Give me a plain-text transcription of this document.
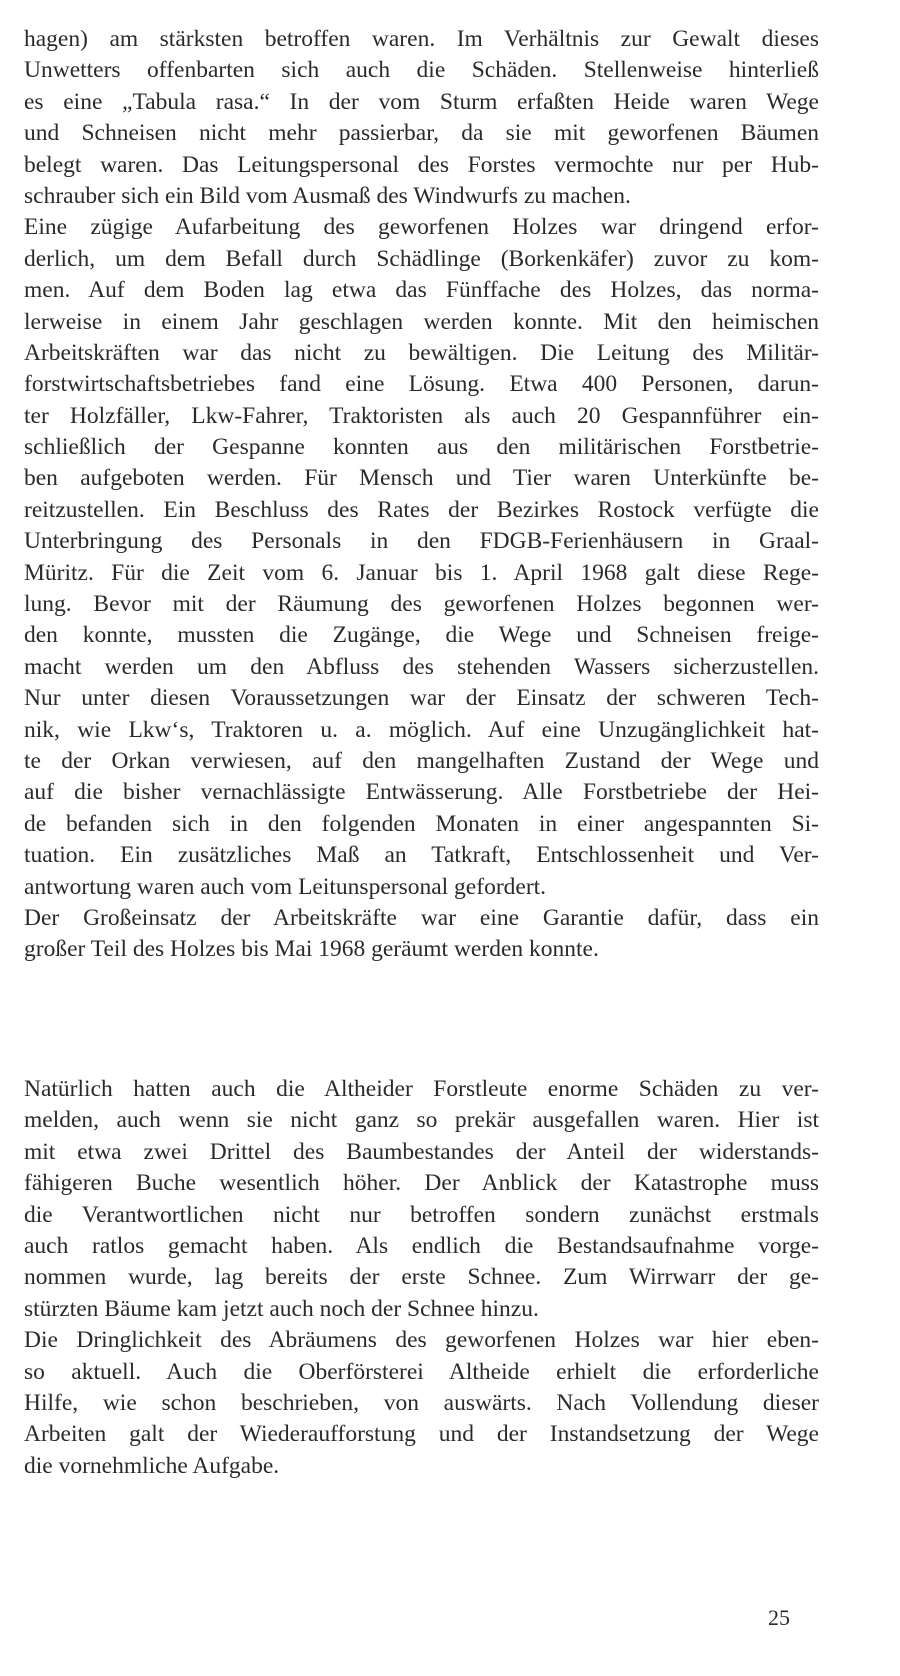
hagen) am stärksten betroffen waren. Im Verhältnis zur Gewalt dieses
Unwetters offenbarten sich auch die Schäden. Stellenweise hinterließ
es eine „Tabula rasa.“ In der vom Sturm erfaßten Heide waren Wege
und Schneisen nicht mehr passierbar, da sie mit geworfenen Bäumen
belegt waren. Das Leitungspersonal des Forstes vermochte nur per Hub-
schrauber sich ein Bild vom Ausmaß des Windwurfs zu machen.
Eine zügige Aufarbeitung des geworfenen Holzes war dringend erfor-
derlich, um dem Befall durch Schädlinge (Borkenkäfer) zuvor zu kom-
men. Auf dem Boden lag etwa das Fünffache des Holzes, das norma-
lerweise in einem Jahr geschlagen werden konnte. Mit den heimischen
Arbeitskräften war das nicht zu bewältigen. Die Leitung des Militär-
forstwirtschaftsbetriebes fand eine Lösung. Etwa 400 Personen, darun-
ter Holzfäller, Lkw-Fahrer, Traktoristen als auch 20 Gespannführer ein-
schließlich der Gespanne konnten aus den militärischen Forstbetrie-
ben aufgeboten werden. Für Mensch und Tier waren Unterkünfte be-
reitzustellen. Ein Beschluss des Rates der Bezirkes Rostock verfügte die
Unterbringung des Personals in den FDGB-Ferienhäusern in Graal-
Müritz. Für die Zeit vom 6. Januar bis 1. April 1968 galt diese Rege-
lung. Bevor mit der Räumung des geworfenen Holzes begonnen wer-
den konnte, mussten die Zugänge, die Wege und Schneisen freige-
macht werden um den Abfluss des stehenden Wassers sicherzustellen.
Nur unter diesen Voraussetzungen war der Einsatz der schweren Tech-
nik, wie Lkw‘s, Traktoren u. a. möglich. Auf eine Unzugänglichkeit hat-
te der Orkan verwiesen, auf den mangelhaften Zustand der Wege und
auf die bisher vernachlässigte Entwässerung. Alle Forstbetriebe der Hei-
de befanden sich in den folgenden Monaten in einer angespannten Si-
tuation. Ein zusätzliches Maß an Tatkraft, Entschlossenheit und Ver-
antwortung waren auch vom Leitunspersonal gefordert.
Der Großeinsatz der Arbeitskräfte war eine Garantie dafür, dass ein
großer Teil des Holzes bis Mai 1968 geräumt werden konnte.
Natürlich hatten auch die Altheider Forstleute enorme Schäden zu ver-
melden, auch wenn sie nicht ganz so prekär ausgefallen waren. Hier ist
mit etwa zwei Drittel des Baumbestandes der Anteil der widerstands-
fähigeren Buche wesentlich höher. Der Anblick der Katastrophe muss
die Verantwortlichen nicht nur betroffen sondern zunächst erstmals
auch ratlos gemacht haben. Als endlich die Bestandsaufnahme vorge-
nommen wurde, lag bereits der erste Schnee. Zum Wirrwarr der ge-
stürzten Bäume kam jetzt auch noch der Schnee hinzu.
Die Dringlichkeit des Abräumens des geworfenen Holzes war hier eben-
so aktuell. Auch die Oberförsterei Altheide erhielt die erforderliche
Hilfe, wie schon beschrieben, von auswärts. Nach Vollendung dieser
Arbeiten galt der Wiederaufforstung und der Instandsetzung der Wege
die vornehmliche Aufgabe.
25
